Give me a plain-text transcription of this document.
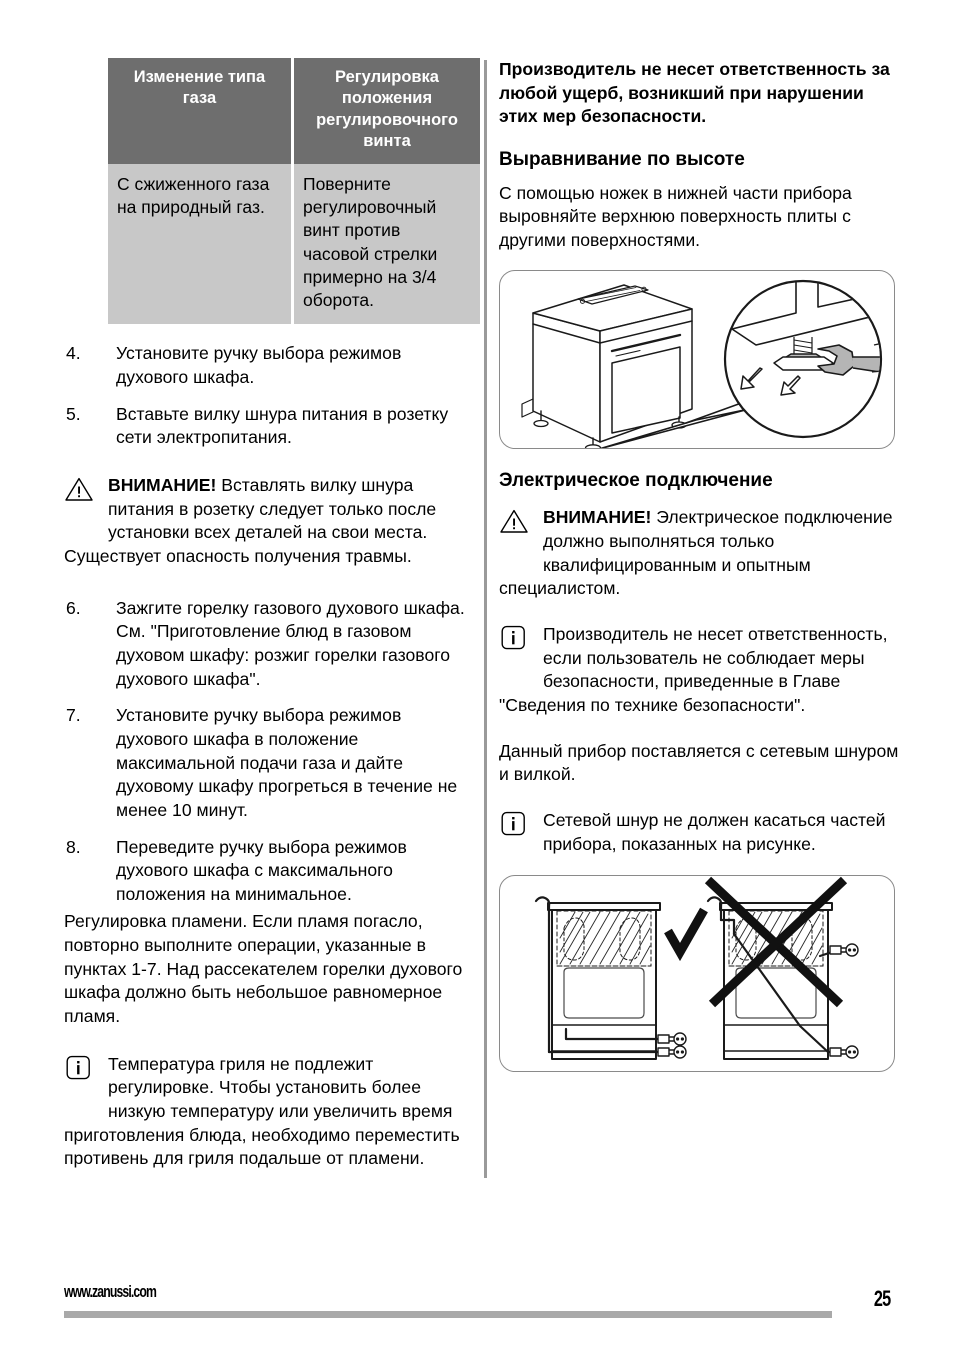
Изменение типа газа	Регулировка положения регулировочного винта
С сжиженного газа на природный газ.	Поверните регулировочный винт против часовой стрелки примерно на 3/4 оборота.
4.	Установите ручку выбора режимов духового шкафа.
5.	Вставьте вилку шнура питания в розетку сети электропитания.
ВНИМАНИЕ! Вставлять вилку шнура питания в розетку следует только после установки всех деталей на свои места. Существует опасность получения травмы.
6.	Зажгите горелку газового духового шкафа. См. "Приготовление блюд в газовом духовом шкафу: розжиг горелки газового духового шкафа".
7.	Установите ручку выбора режимов духового шкафа в положение максимальной подачи газа и дайте духовому шкафу прогреться в течение не менее 10 минут.
8.	Переведите ручку выбора режимов духового шкафа с максимального положения на минимальное.

Регулировка пламени. Если пламя погасло, повторно выполните операции, указанные в пунктах 1-7. Над рассекателем горелки духового шкафа должно быть небольшое равномерное пламя.

Температура гриля не подлежит регулировке. Чтобы установить более низкую температуру или увеличить время приготовления блюда, необходимо переместить противень для гриля подальше от пламени.

Производитель не несет ответственность за любой ущерб, возникший при нарушении этих мер безопасности.

Выравнивание по высоте

С помощью ножек в нижней части прибора выровняйте верхнюю поверхность плиты с другими поверхностями.

Электрическое подключение
ВНИМАНИЕ! Электрическое подключение должно выполняться только квалифицированным и опытным специалистом.
Производитель не несет ответственность, если пользователь не соблюдает меры безопасности, приведенные в Главе "Сведения по технике безопасности".

Данный прибор поставляется с сетевым шнуром и вилкой.

Сетевой шнур не должен касаться частей прибора, показанных на рисунке.
www.zanussi.com	25
